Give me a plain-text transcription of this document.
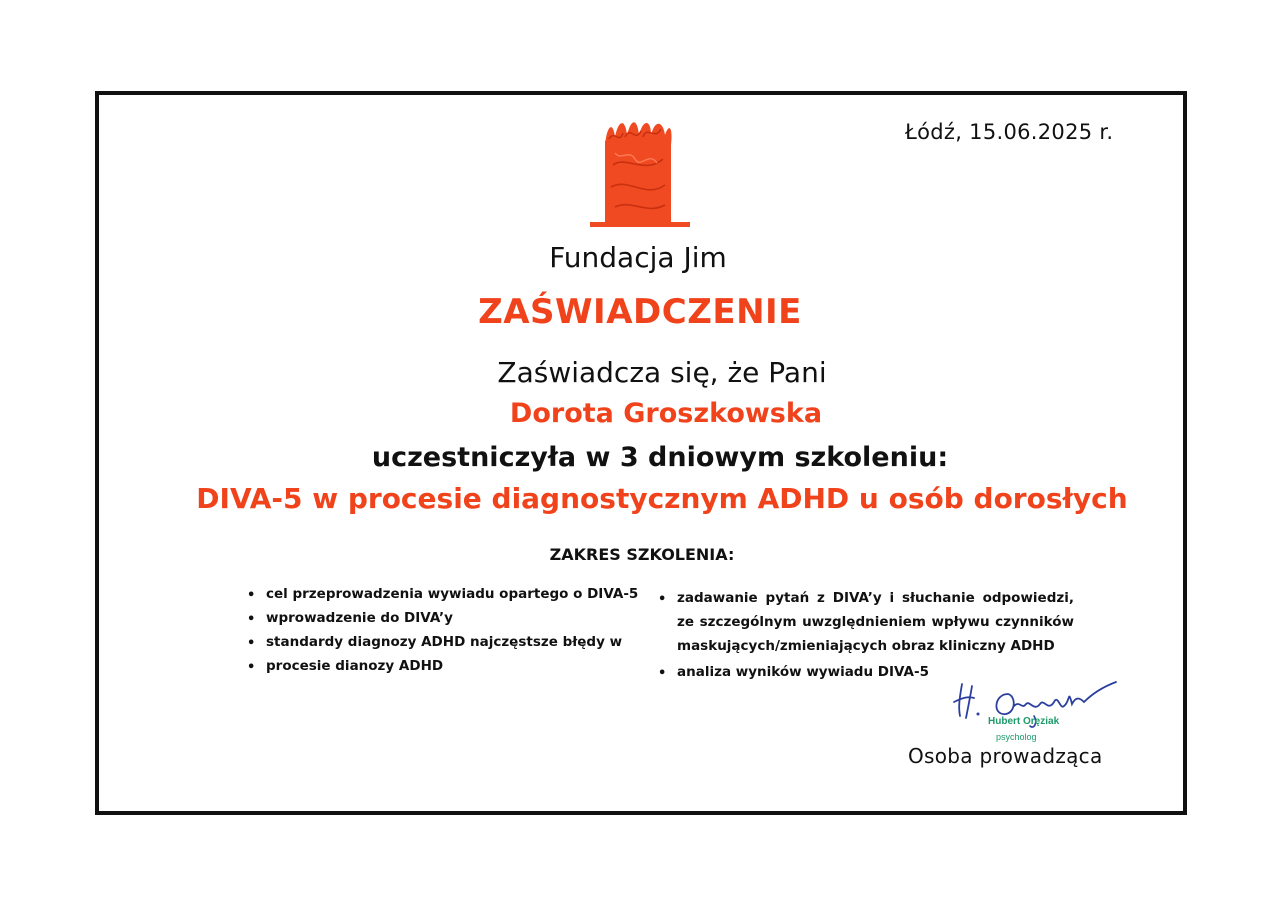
Łódź, 15.06.2025 r.
Fundacja Jim
ZAŚWIADCZENIE
Zaświadcza się, że Pani
Dorota Groszkowska
uczestniczyła w 3 dniowym szkoleniu:
DIVA-5 w procesie diagnostycznym ADHD u osób dorosłych
ZAKRES SZKOLENIA:
• cel przeprowadzenia wywiadu opartego o DIVA-5
• wprowadzenie do DIVA’y
• standardy diagnozy ADHD najczęstsze błędy w
• procesie dianozy ADHD
• zadawanie pytań z DIVA’y i słuchanie odpowiedzi, ze szczególnym uwzględnieniem wpływu czynników maskujących/zmieniających obraz kliniczny ADHD
• analiza wyników wywiadu DIVA-5
Hubert Oręziak
psycholog
Osoba prowadząca
